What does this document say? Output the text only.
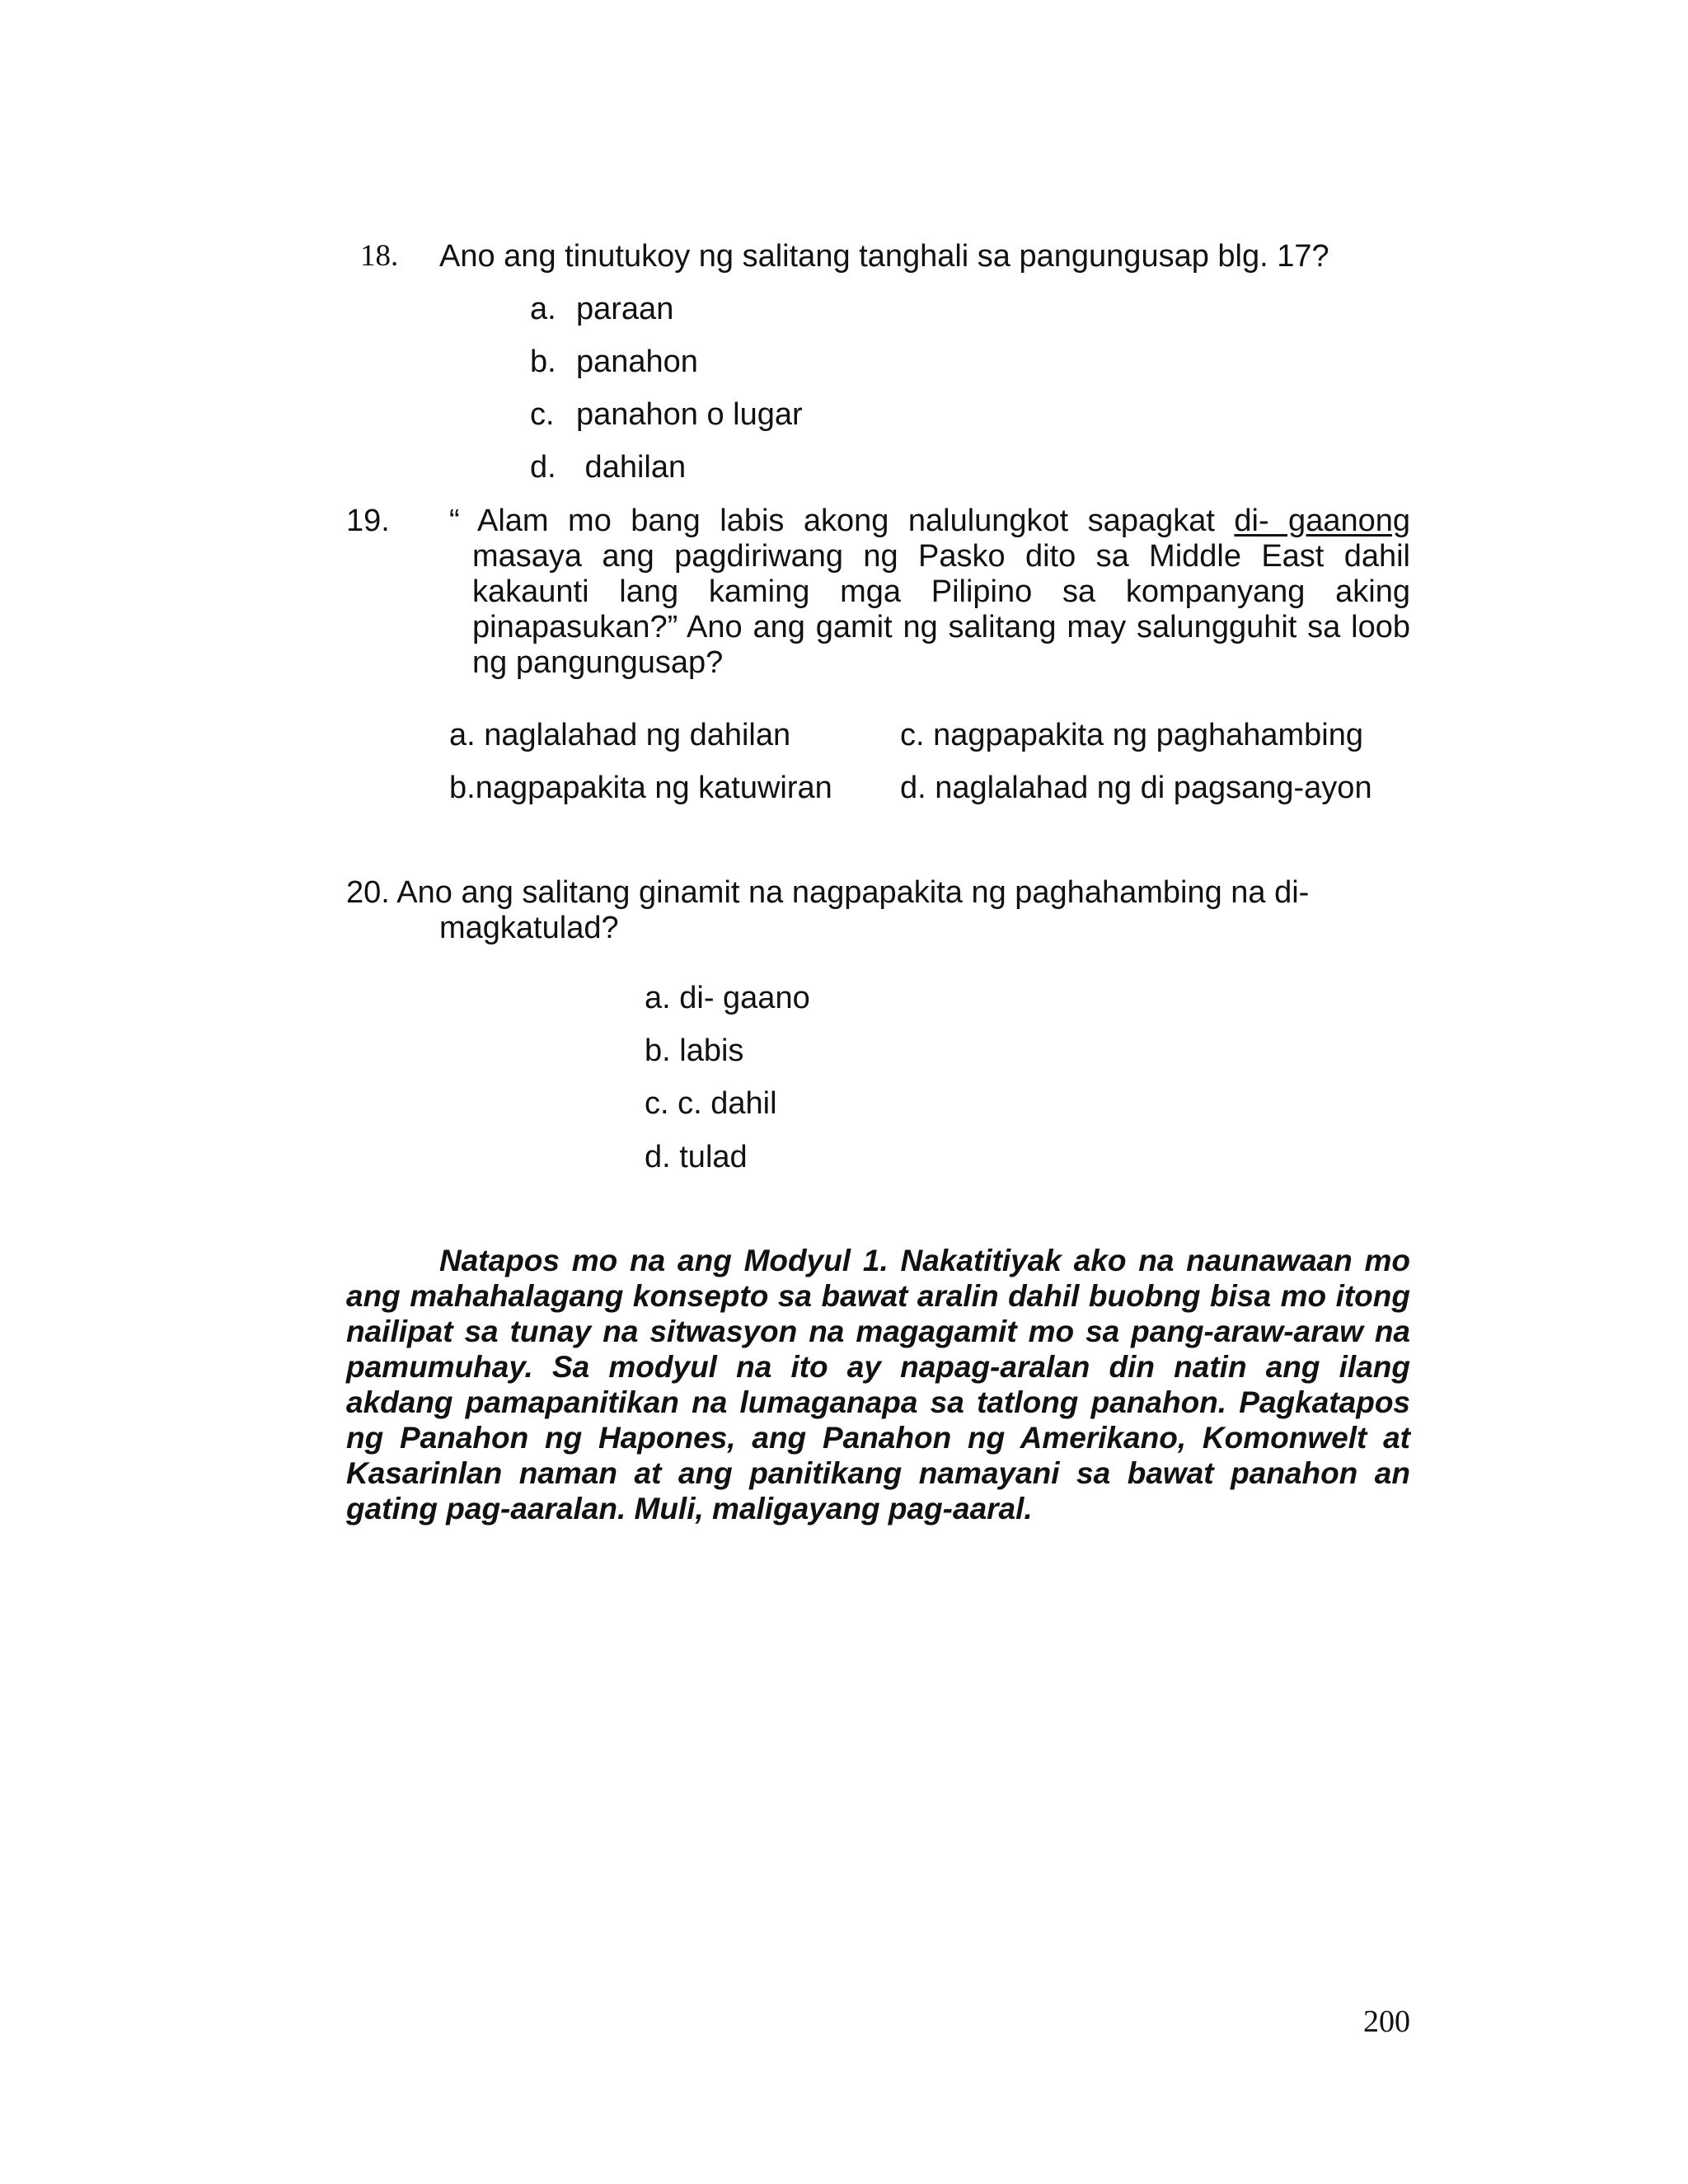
18. Ano ang tinutukoy ng salitang tanghali sa pangungusap blg. 17?
a. paraan
b. panahon
c. panahon o lugar
d. dahilan
19. “ Alam mo bang labis akong nalulungkot sapagkat di- gaanong
masaya ang pagdiriwang ng Pasko dito sa Middle East dahil
kakaunti lang kaming mga Pilipino sa kompanyang aking
pinapasukan?” Ano ang gamit ng salitang may salungguhit sa loob
ng pangungusap?
a. naglalahad ng dahilan
b.nagpapakita ng katuwiran
c. nagpapakita ng paghahambing
d. naglalahad ng di pagsang-ayon
20. Ano ang salitang ginamit na nagpapakita ng paghahambing na di-
magkatulad?
a. di- gaano
b. labis
c. c. dahil
d. tulad
Natapos mo na ang Modyul 1. Nakatitiyak ako na naunawaan mo
ang mahahalagang konsepto sa bawat aralin dahil buobng bisa mo itong
nailipat sa tunay na sitwasyon na magagamit mo sa pang-araw-araw na
pamumuhay. Sa modyul na ito ay napag-aralan din natin ang ilang
akdang pamapanitikan na lumaganapa sa tatlong panahon. Pagkatapos
ng Panahon ng Hapones, ang Panahon ng Amerikano, Komonwelt at
Kasarinlan naman at ang panitikang namayani sa bawat panahon an
gating pag-aaralan. Muli, maligayang pag-aaral.
200
